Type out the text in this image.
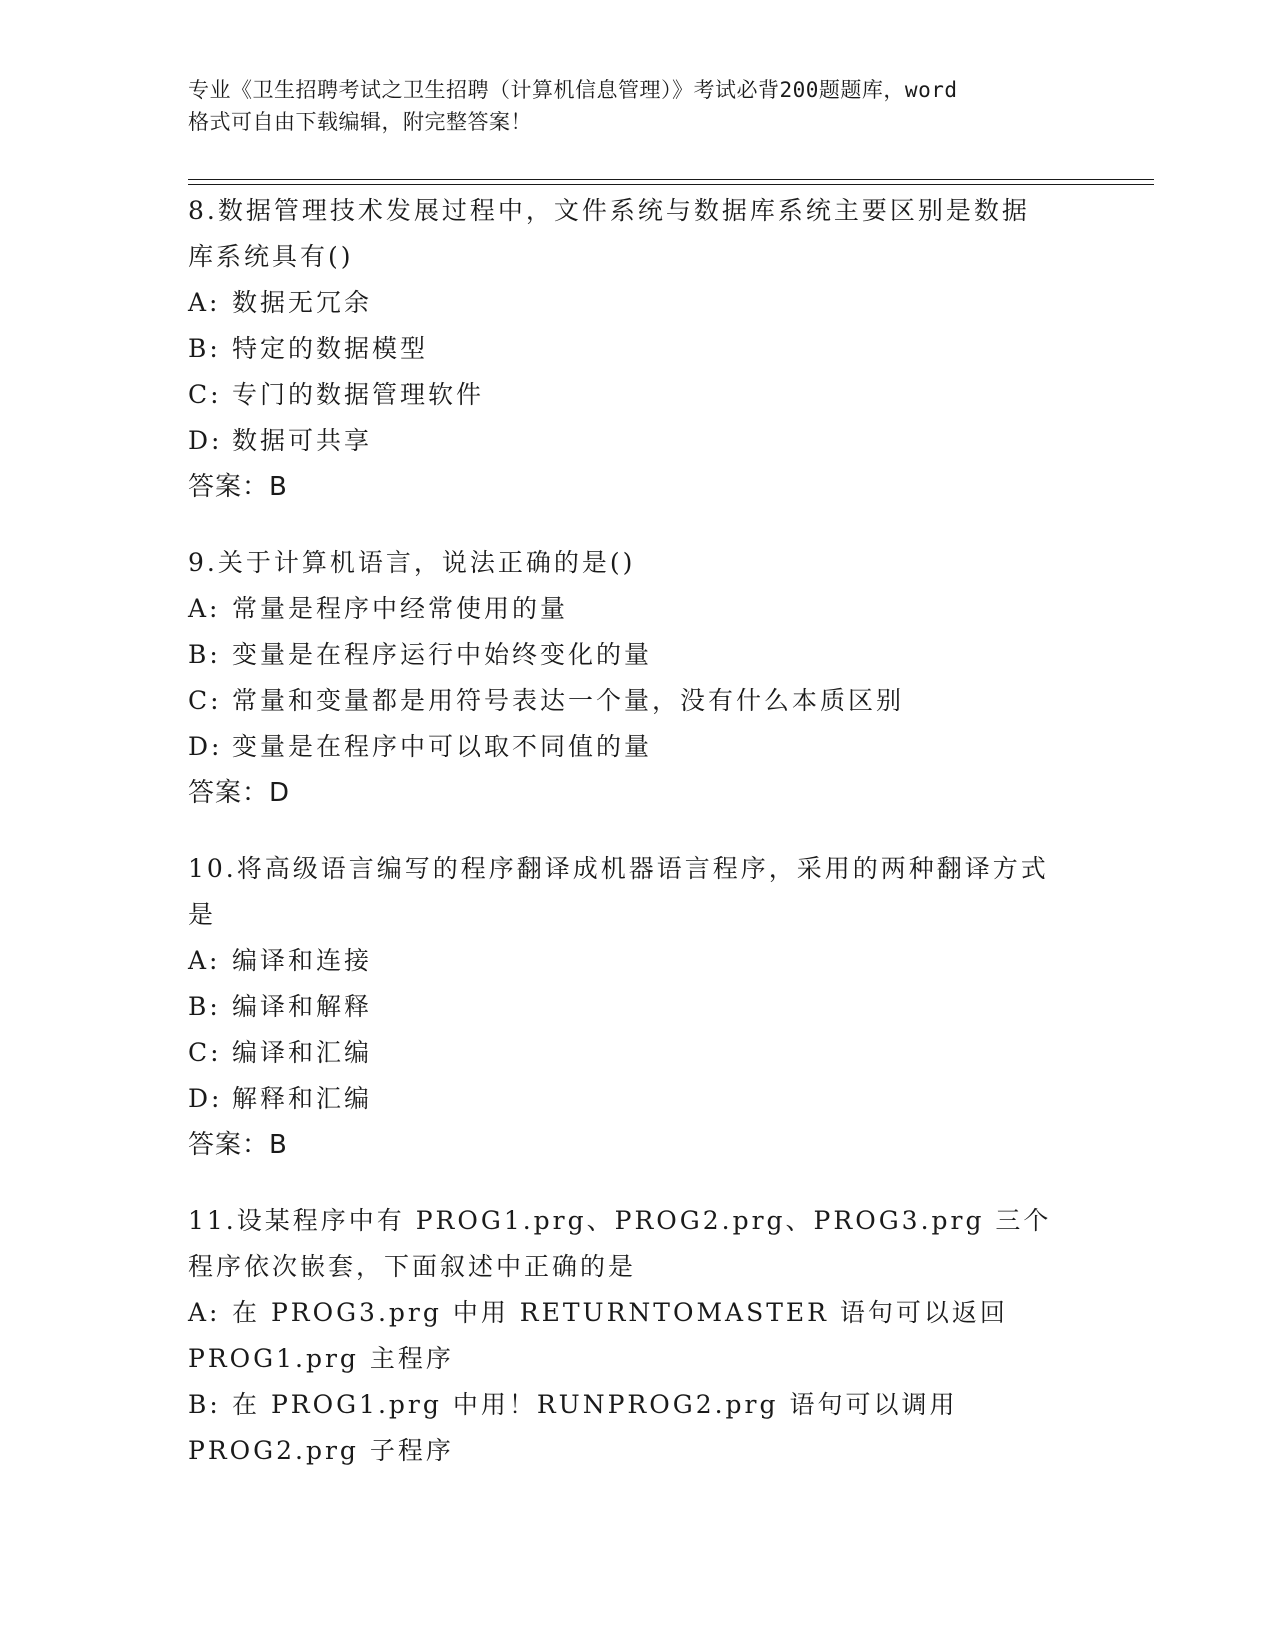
专业《卫生招聘考试之卫生招聘（计算机信息管理）》考试必背200题题库，word
格式可自由下载编辑，附完整答案！
8.数据管理技术发展过程中，文件系统与数据库系统主要区别是数据库系统具有()
A: 数据无冗余
B: 特定的数据模型
C: 专门的数据管理软件
D: 数据可共享
答案：B
9.关于计算机语言，说法正确的是()
A: 常量是程序中经常使用的量
B: 变量是在程序运行中始终变化的量
C: 常量和变量都是用符号表达一个量，没有什么本质区别
D: 变量是在程序中可以取不同值的量
答案：D
10.将高级语言编写的程序翻译成机器语言程序，采用的两种翻译方式是
A: 编译和连接
B: 编译和解释
C: 编译和汇编
D: 解释和汇编
答案：B
11.设某程序中有 PROG1.prg、PROG2.prg、PROG3.prg 三个程序依次嵌套，下面叙述中正确的是
A: 在 PROG3.prg 中用 RETURNTOMASTER 语句可以返回 PROG1.prg 主程序
B: 在 PROG1.prg 中用！RUNPROG2.prg 语句可以调用 PROG2.prg 子程序
